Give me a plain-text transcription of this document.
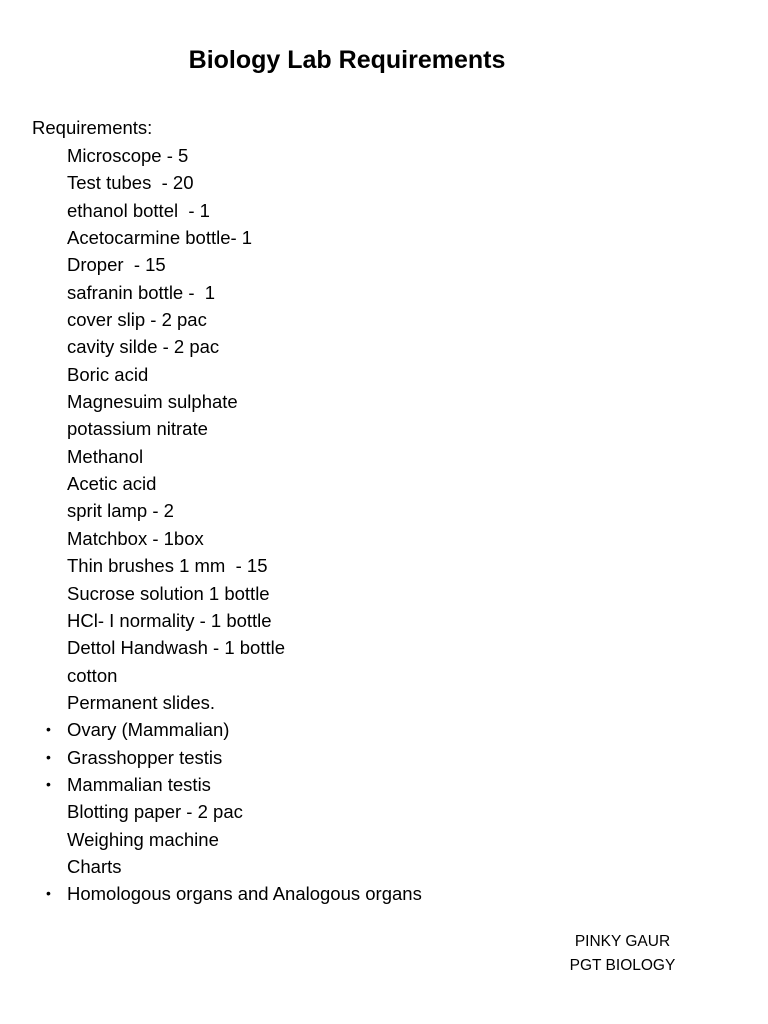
Biology Lab Requirements
Requirements:
Microscope - 5
Test tubes  - 20
ethanol bottel  - 1
Acetocarmine bottle- 1
Droper  - 15
safranin bottle -  1
cover slip - 2 pac
cavity silde - 2 pac
Boric acid
Magnesuim sulphate
potassium nitrate
Methanol
Acetic acid
sprit lamp - 2
Matchbox - 1box
Thin brushes 1 mm  - 15
Sucrose solution 1 bottle
HCl- I normality - 1 bottle
Dettol Handwash - 1 bottle
cotton
Permanent slides.
• Ovary (Mammalian)
• Grasshopper testis
• Mammalian testis
Blotting paper - 2 pac
Weighing machine
Charts
• Homologous organs and Analogous organs
PINKY GAUR
PGT BIOLOGY
